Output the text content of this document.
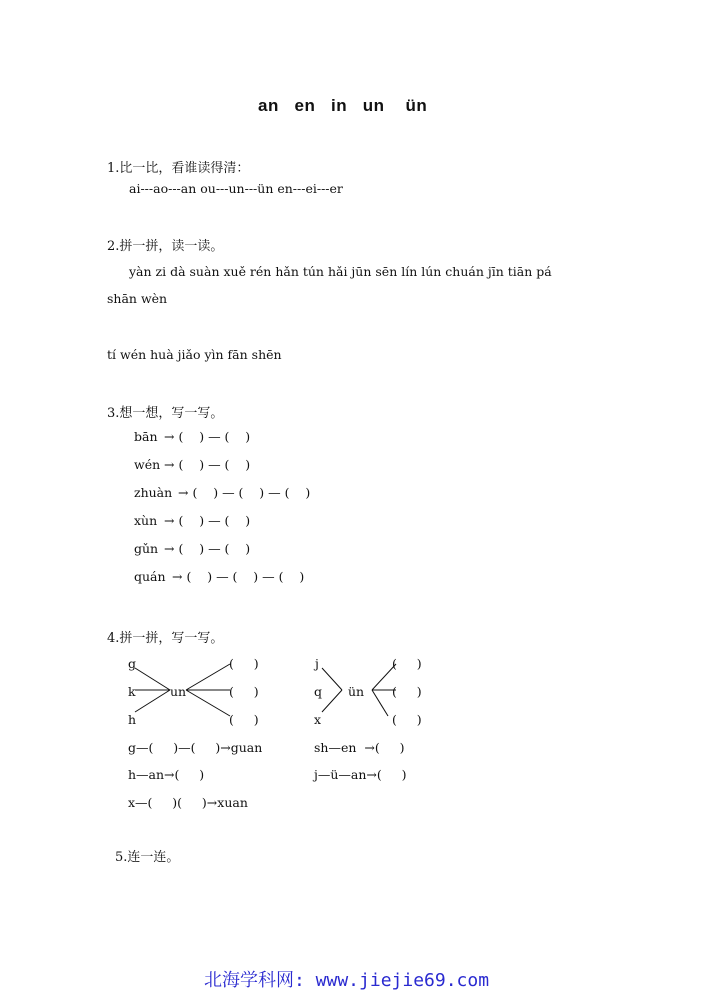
an   en   in   un    ün
1.比一比，看谁读得清：
ai---ao---an ou---un---ün en---ei---er
2.拼一拼，读一读。
yàn zi dà suàn xuě rén hǎn tún hǎi jūn sēn lín lún chuán jīn tiān pá
shān wèn
tí wén huà jiǎo yìn fān shēn
3.想一想，写一写。
bān → (    ) — (    )
wén → (    ) — (    )
zhuàn → (    ) — (    ) — (    )
xùn → (    ) — (    )
gǔn → (    ) — (    )
quán → (    ) — (    ) — (    )
4.拼一拼，写一写。
g
k
h
un
(     )
(     )
(     )
j
q
x
ün
(     )
(     )
(     )
g—(     )—(     )→guan	sh—en  →(     )
h—an→(     )	j—ü—an→(     )
x—(     )(     )→xuan
5.连一连。
北海学科网: www.jiejie69.com
